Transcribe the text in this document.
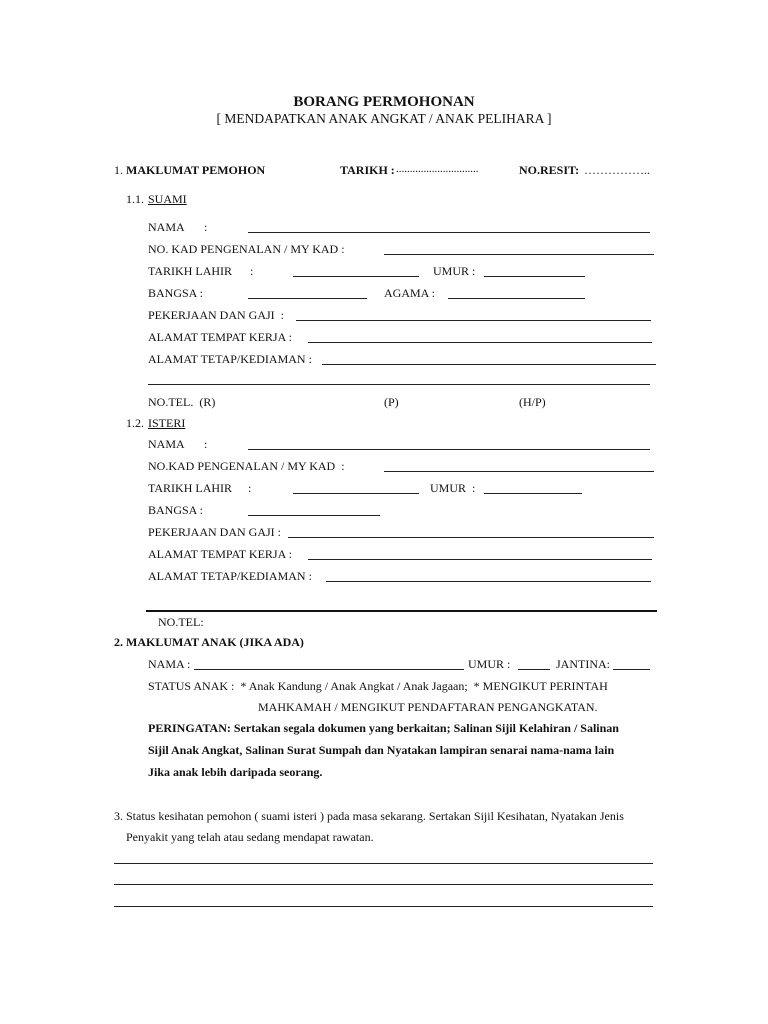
BORANG PERMOHONAN
[ MENDAPATKAN ANAK ANGKAT / ANAK PELIHARA ]
1. MAKLUMAT PEMOHON	TARIKH : ..............................	NO.RESIT: ……………..
1.1. SUAMI
NAMA :
NO. KAD PENGENALAN / MY KAD :
TARIKH LAHIR :	UMUR :
BANGSA :	AGAMA :
PEKERJAAN DAN GAJI  :
ALAMAT TEMPAT KERJA :
ALAMAT TETAP/KEDIAMAN :
NO.TEL.  (R)	(P)	(H/P)
1.2. ISTERI
NAMA :
NO.KAD PENGENALAN / MY KAD  :
TARIKH LAHIR :	UMUR  :
BANGSA :
PEKERJAAN DAN GAJI :
ALAMAT TEMPAT KERJA :
ALAMAT TETAP/KEDIAMAN :
NO.TEL:
2. MAKLUMAT ANAK (JIKA ADA)
NAMA :	UMUR :	JANTINA:
STATUS ANAK :  * Anak Kandung / Anak Angkat / Anak Jagaan;  * MENGIKUT PERINTAH
MAHKAMAH / MENGIKUT PENDAFTARAN PENGANGKATAN.
PERINGATAN: Sertakan segala dokumen yang berkaitan; Salinan Sijil Kelahiran / Salinan
Sijil Anak Angkat, Salinan Surat Sumpah dan Nyatakan lampiran senarai nama-nama lain
Jika anak lebih daripada seorang.
3. Status kesihatan pemohon ( suami isteri ) pada masa sekarang. Sertakan Sijil Kesihatan, Nyatakan Jenis
Penyakit yang telah atau sedang mendapat rawatan.
